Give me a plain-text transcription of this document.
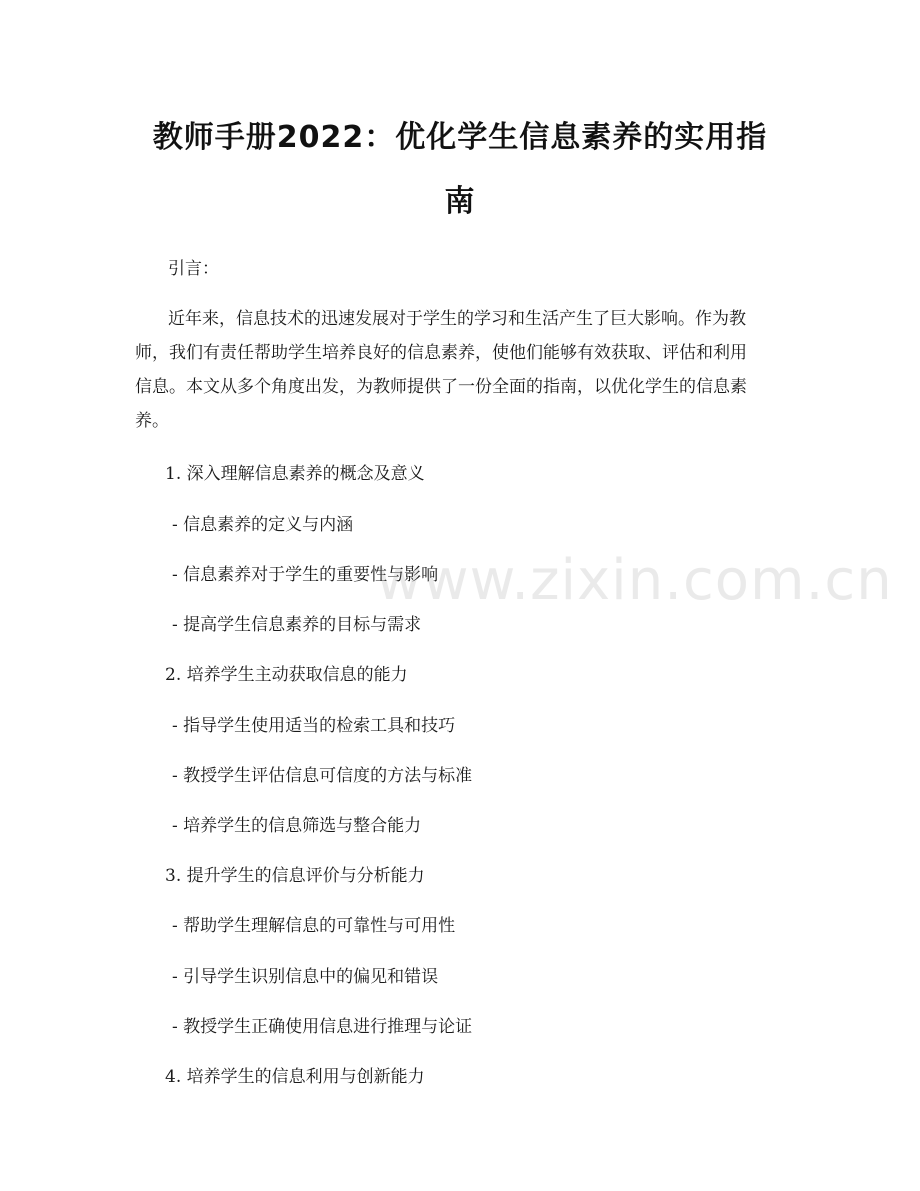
教师手册2022：优化学生信息素养的实用指
南
引言：
近年来，信息技术的迅速发展对于学生的学习和生活产生了巨大影响。作为教
师，我们有责任帮助学生培养良好的信息素养，使他们能够有效获取、评估和利用
信息。本文从多个角度出发，为教师提供了一份全面的指南，以优化学生的信息素
养。
1. 深入理解信息素养的概念及意义
- 信息素养的定义与内涵
- 信息素养对于学生的重要性与影响
- 提高学生信息素养的目标与需求
2. 培养学生主动获取信息的能力
- 指导学生使用适当的检索工具和技巧
- 教授学生评估信息可信度的方法与标准
- 培养学生的信息筛选与整合能力
3. 提升学生的信息评价与分析能力
- 帮助学生理解信息的可靠性与可用性
- 引导学生识别信息中的偏见和错误
- 教授学生正确使用信息进行推理与论证
4. 培养学生的信息利用与创新能力
www.zixin.com.cn
